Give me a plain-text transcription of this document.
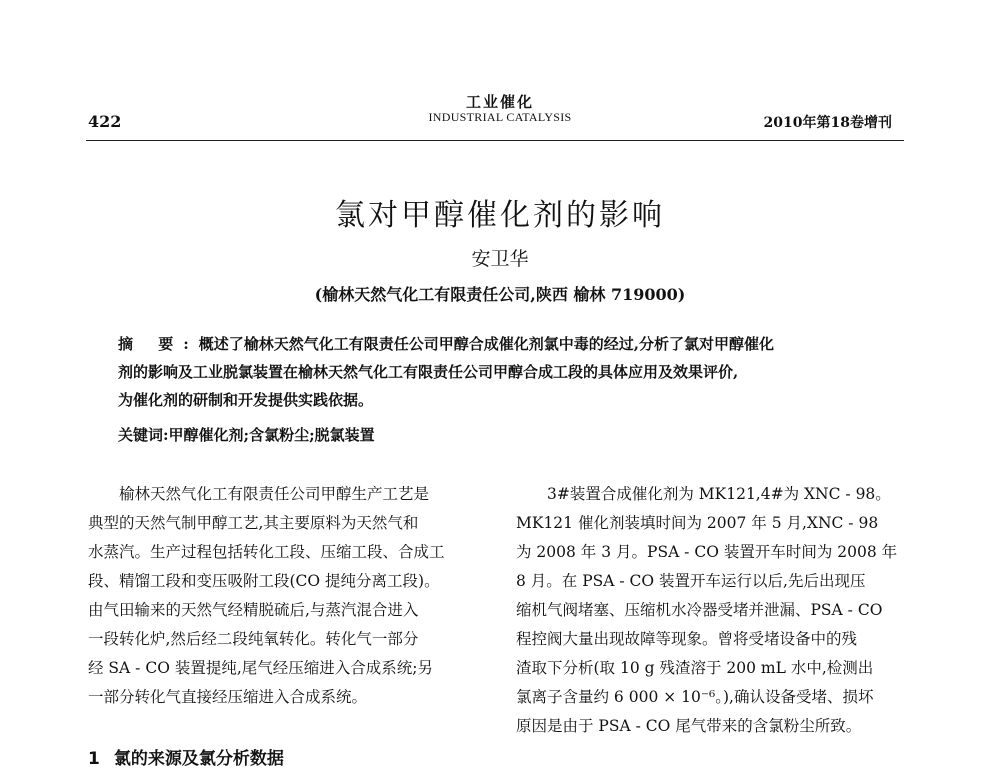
422
工业催化
INDUSTRIAL CATALYSIS	2010年第18卷增刊
氯对甲醇催化剂的影响
安卫华
(榆林天然气化工有限责任公司,陕西 榆林 719000)
摘 要:概述了榆林天然气化工有限责任公司甲醇合成催化剂氯中毒的经过,分析了氯对甲醇催化
剂的影响及工业脱氯装置在榆林天然气化工有限责任公司甲醇合成工段的具体应用及效果评价,
为催化剂的研制和开发提供实践依据。
关键词:甲醇催化剂;含氯粉尘;脱氯装置
　　榆林天然气化工有限责任公司甲醇生产工艺是
典型的天然气制甲醇工艺,其主要原料为天然气和
水蒸汽。生产过程包括转化工段、压缩工段、合成工
段、精馏工段和变压吸附工段(CO 提纯分离工段)。
由气田输来的天然气经精脱硫后,与蒸汽混合进入
一段转化炉,然后经二段纯氧转化。转化气一部分
经 SA - CO 装置提纯,尾气经压缩进入合成系统;另
一部分转化气直接经压缩进入合成系统。
　　3#装置合成催化剂为 MK121,4#为 XNC - 98。
MK121 催化剂装填时间为 2007 年 5 月,XNC - 98
为 2008 年 3 月。PSA - CO 装置开车时间为 2008 年
8 月。在 PSA - CO 装置开车运行以后,先后出现压
缩机气阀堵塞、压缩机水冷器受堵并泄漏、PSA - CO
程控阀大量出现故障等现象。曾将受堵设备中的残
渣取下分析(取 10 g 残渣溶于 200 mL 水中,检测出
氯离子含量约 6 000 × 10⁻⁶。),确认设备受堵、损坏
原因是由于 PSA - CO 尾气带来的含氯粉尘所致。
1 氯的来源及氯分析数据
